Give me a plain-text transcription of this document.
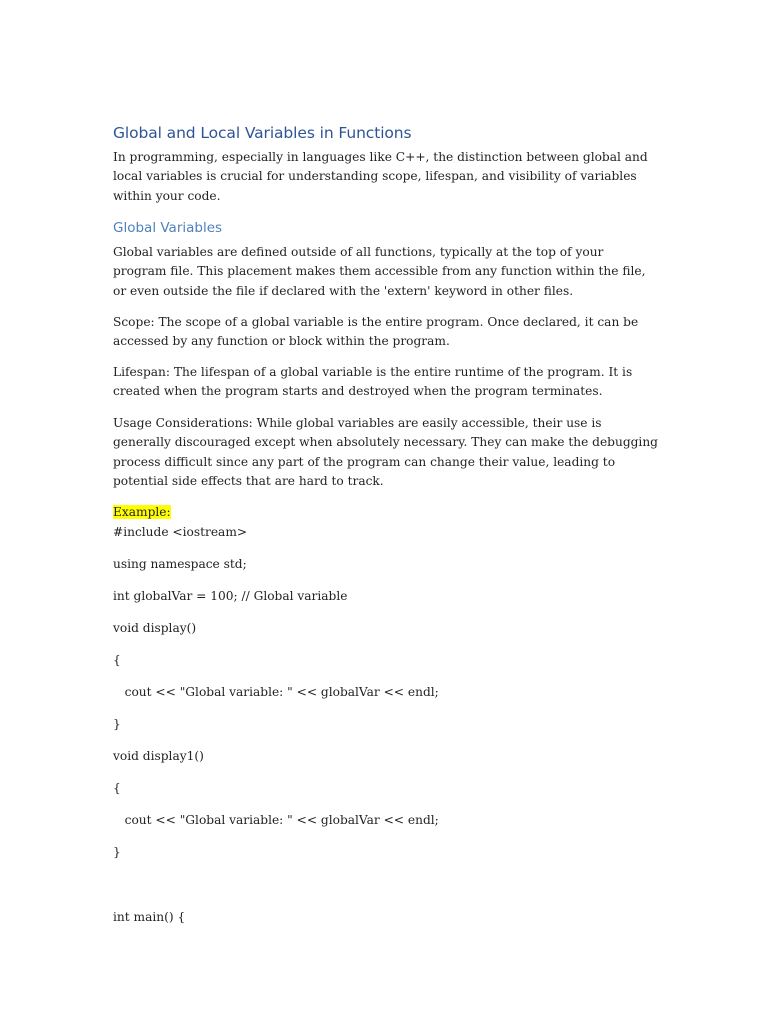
Global and Local Variables in Functions

In programming, especially in languages like C++, the distinction between global and local variables is crucial for understanding scope, lifespan, and visibility of variables within your code.

Global Variables

Global variables are defined outside of all functions, typically at the top of your program file. This placement makes them accessible from any function within the file, or even outside the file if declared with the 'extern' keyword in other files.

Scope: The scope of a global variable is the entire program. Once declared, it can be accessed by any function or block within the program.

Lifespan: The lifespan of a global variable is the entire runtime of the program. It is created when the program starts and destroyed when the program terminates.

Usage Considerations: While global variables are easily accessible, their use is generally discouraged except when absolutely necessary. They can make the debugging process difficult since any part of the program can change their value, leading to potential side effects that are hard to track.

Example:

#include <iostream>

using namespace std;

int globalVar = 100; // Global variable

void display()

{

cout << "Global variable: " << globalVar << endl;

}

void display1()

{

cout << "Global variable: " << globalVar << endl;

}

int main() {
